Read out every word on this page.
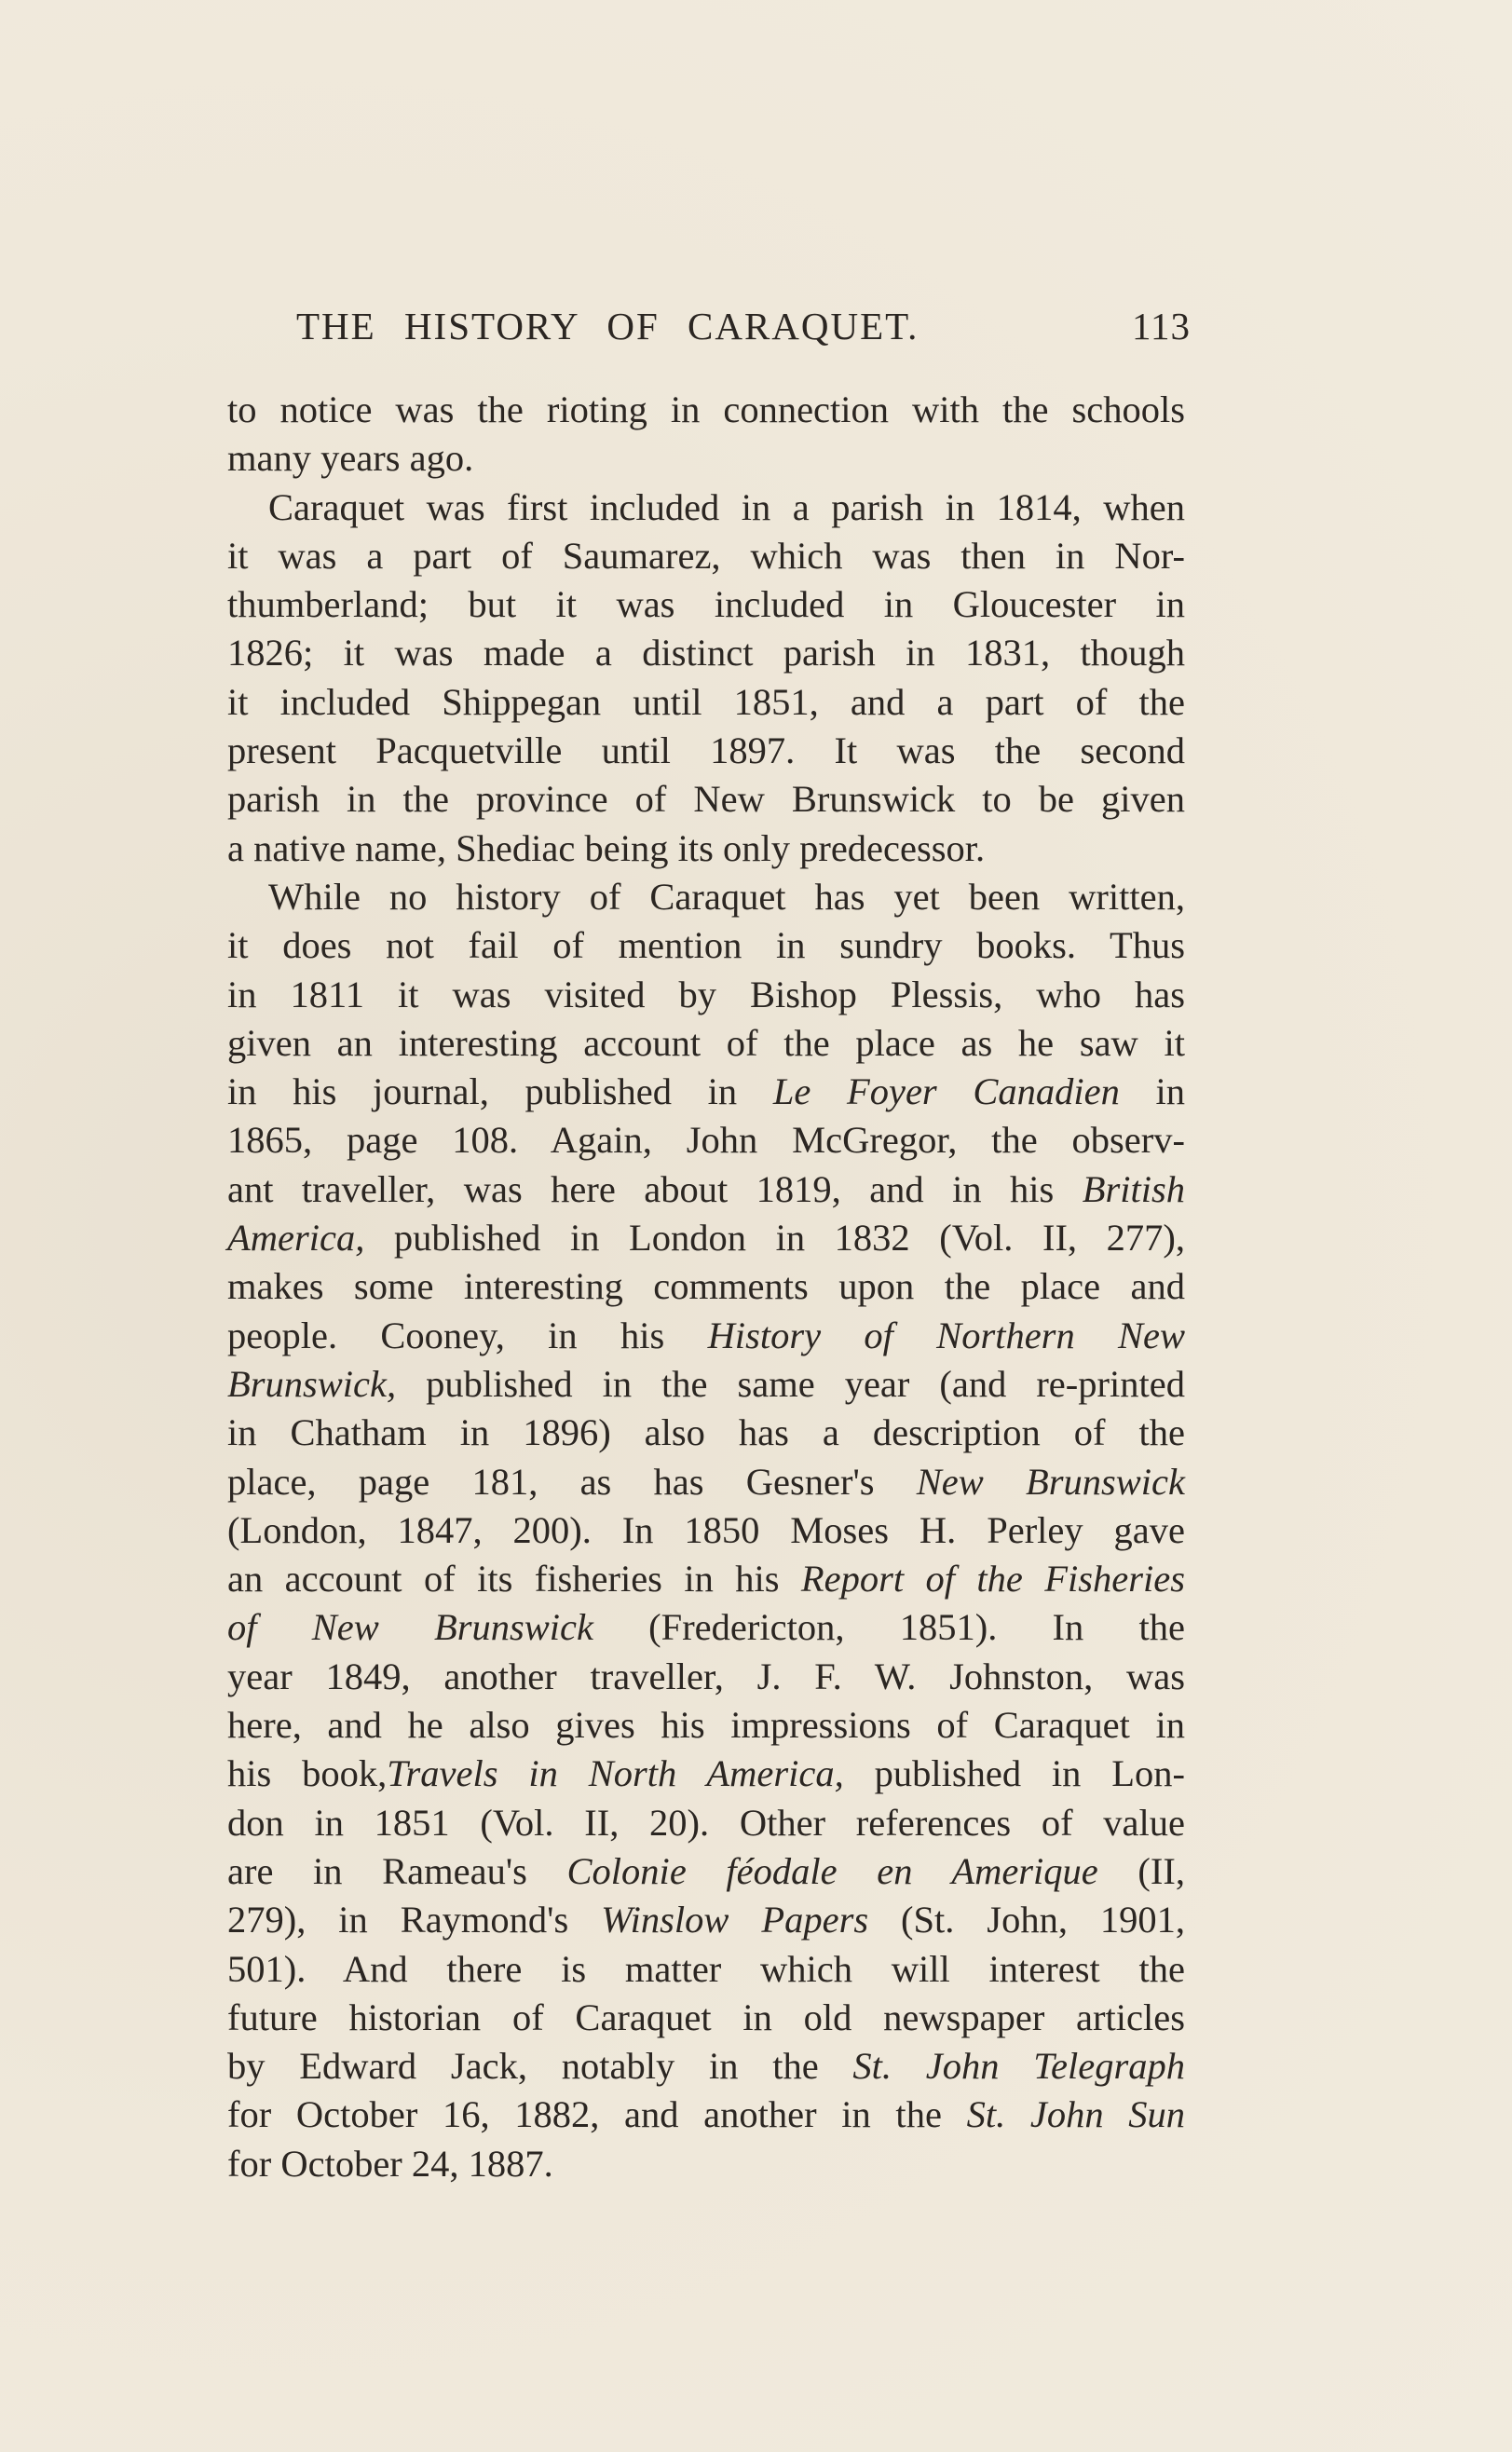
THE HISTORY OF CARAQUET.	113
to notice was the rioting in connection with the schools
many years ago.
Caraquet was first included in a parish in 1814, when
it was a part of Saumarez, which was then in Nor-
thumberland; but it was included in Gloucester in
1826; it was made a distinct parish in 1831, though
it included Shippegan until 1851, and a part of the
present Pacquetville until 1897. It was the second
parish in the province of New Brunswick to be given
a native name, Shediac being its only predecessor.
While no history of Caraquet has yet been written,
it does not fail of mention in sundry books. Thus
in 1811 it was visited by Bishop Plessis, who has
given an interesting account of the place as he saw it
in his journal, published in Le Foyer Canadien in
1865, page 108. Again, John McGregor, the observ-
ant traveller, was here about 1819, and in his British
America, published in London in 1832 (Vol. II, 277),
makes some interesting comments upon the place and
people. Cooney, in his History of Northern New
Brunswick, published in the same year (and re-printed
in Chatham in 1896) also has a description of the
place, page 181, as has Gesner's New Brunswick
(London, 1847, 200). In 1850 Moses H. Perley gave
an account of its fisheries in his Report of the Fisheries
of New Brunswick (Fredericton, 1851). In the
year 1849, another traveller, J. F. W. Johnston, was
here, and he also gives his impressions of Caraquet in
his book,Travels in North America, published in Lon-
don in 1851 (Vol. II, 20). Other references of value
are in Rameau's Colonie féodale en Amerique (II,
279), in Raymond's Winslow Papers (St. John, 1901,
501). And there is matter which will interest the
future historian of Caraquet in old newspaper articles
by Edward Jack, notably in the St. John Telegraph
for October 16, 1882, and another in the St. John Sun
for October 24, 1887.
